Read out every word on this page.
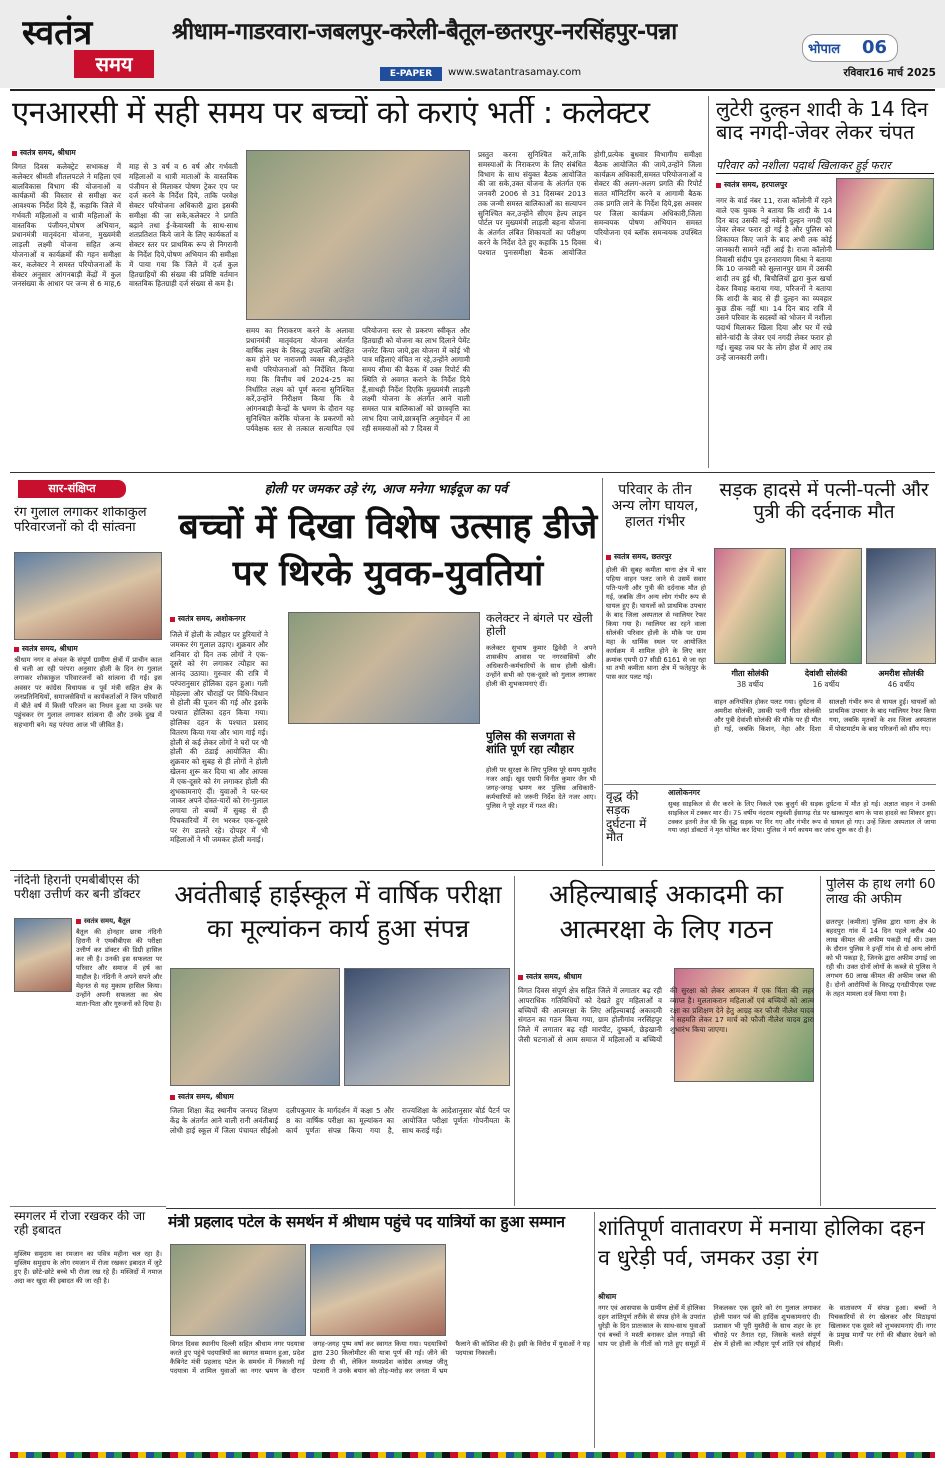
स्वतंत्र
समय
श्रीधाम-गाडरवारा-जबलपुर-करेली-बैतूल-छतरपुर-नरसिंहपुर-पन्ना
भोपाल	06
E-PAPER	www.swatantrasamay.com	रविवार16 मार्च 2025
एनआरसी में सही समय पर बच्चों को कराएं भर्ती : कलेक्टर
स्वतंत्र समय, श्रीधाम
विगत दिवस कलेक्ट्रेट सभाकक्ष में कलेक्टर श्रीमती शीतलपटले ने महिला एवं बालविकास विभाग की योजनाओं व कार्यक्रमों की विस्तार से समीक्षा कर आवश्यक निर्देश दिये हैं, कहाकि जिले में गर्भवती महिलाओं व धात्री महिलाओं के वास्तविक पंजीयन,पोषण अभियान, प्रधानमंत्री मातृवंदना योजना, मुख्यमंत्री लाड़ली लक्ष्मी योजना सहित अन्य योजनाओं व कार्यक्रमों की गहन समीक्षा कर, कलेक्टर ने समस्त परियोजनाओं के सेक्टर अनुसार आंगनबाड़ी केंद्रों में कुल जनसंख्या के आधार पर जन्म से 6 माह,6 माह से 3 वर्ष व 6 वर्ष और गर्भवती महिलाओं व धात्री माताओं के वास्तविक पंजीयन से मिलाकर पोषण ट्रेकर एप पर दर्ज करने के निर्देश दिये, ताकि परवेक्ष सेक्टर परियोजना अधिकारी द्वारा इसकी समीक्षा की जा सके,कलेक्टर ने प्रगति बढ़ाने तथा ई-केवायसी के साथ-साथ शतप्रतिशत किये जाने के लिए कार्यकर्ता व सेक्टर स्तर पर प्राथमिक रूप से निगरानी के निर्देश दिये,पोषण अभियान की समीक्षा में पाया गया कि जिले में दर्ज कुल हितग्राहियों की संख्या की प्रविष्टि वर्तमान वास्तविक हितग्राही दर्ज संख्या से कम है।
समय का निराकरण करने के अलावा प्रधानमंत्री मातृवंदना योजना अंतर्गत वार्षिक लक्ष्य के विरुद्ध उपलब्धि अपेक्षित कम होने पर नाराजगी व्यक्त की,उन्होंने सभी परियोजनाओं को निर्देशित किया गया कि वित्तीय वर्ष 2024-25 का निर्धारित लक्ष्य को पूर्ण करना सुनिश्चित करें,उन्होंने निरीक्षण किया कि वे आंगनबाड़ी केन्द्रों के भ्रमण के दौरान यह सुनिश्चित करेंकि योजना के प्रकरणों को पर्यवेक्षक स्तर से तत्काल सत्यापित एवं परियोजना स्तर से प्रकरण स्वीकृत और हितग्राही को योजना का लाभ दिलाने पेमेंट जनरेट किया जाये,इस योजना में कोई भी पात्र महिलाएं वंचित ना रहे,उन्होंने आगामी समय सीमा की बैठक में उक्त रिपोर्ट की स्थिति से अवगत कराने के निर्देश दिये हैं,साथही निर्देश दिएकि मुख्यमंत्री लाड़ली लक्ष्मी योजना के अंतर्गत आने वाली समस्त पात्र बालिकाओं को छात्रवृत्ति का लाभ दिया जाये,छात्रवृत्ति अनुमोदन में आ रही समस्याओं को 7 दिवस में
प्रस्तुत करना सुनिश्चित करें,ताकि समस्याओं के निराकरण के लिए संबंधित विभाग के साथ संयुक्त बैठक आयोजित की जा सके,उक्त योजना के अंतर्गत एक जनवरी 2006 से 31 दिसम्बर 2013 तक जन्मी समस्त बालिकाओं का सत्यापन सुनिश्चित कर,उन्होंने सीएम हेल्प लाइन पोर्टल पर मुख्यमंत्री लाड़ली बहना योजना के अंतर्गत लंबित शिकायतों का परीक्षण करने के निर्देश देते हुए कहाकि 15 दिवस पश्चात पुनःसमीक्षा बैठक आयोजित होगी,प्रत्येक बुधवार विभागीय समीक्षा बैठक आयोजित की जाये,उन्होंने जिला कार्यक्रम अधिकारी,समस्त परियोजनाओं व सेक्टर की अलग-अलग प्रगति की रिपोर्ट सतत मॉनिटरिंग करने व आगामी बैठक तक प्रगति लाने के निर्देश दिये,इस अवसर पर जिला कार्यक्रम अधिकारी,जिला समन्वयक पोषण अभियान समस्त परियोजना एवं ब्लॉक समन्वयक उपस्थित थे।
लुटेरी दुल्हन शादी के 14 दिन बाद नगदी-जेवर लेकर चंपत
परिवार को नशीला पदार्थ खिलाकर हुई फरार
स्वतंत्र समय, हरपालपुर
नगर के वार्ड नंबर 11, राजा कॉलोनी में रहने वाले एक युवक ने बताया कि शादी के 14 दिन बाद उसकी नई नवेली दुल्हन नगदी एवं जेवर लेकर फरार हो गई है और पुलिस को शिकायत किए जाने के बाद अभी तक कोई जानकारी सामने नहीं आई है। राजा कॉलोनी निवासी संदीप पुत्र हरनारायण मिश्रा ने बताया कि 10 जनवरी को सुल्तानपुर ग्राम में उसकी शादी तय हुई थी, बिचौलियों द्वारा कुल खर्चा देकर विवाह कराया गया, परिजनों ने बताया कि शादी के बाद से ही दुल्हन का व्यवहार कुछ ठीक नहीं था। 14 दिन बाद रात्रि में उसने परिवार के सदस्यों को भोजन में नशीला पदार्थ मिलाकर खिला दिया और घर में रखे सोने-चांदी के जेवर एवं नगदी लेकर फरार हो गई। सुबह जब घर के लोग होश में आए तब उन्हें जानकारी लगी।
सार-संक्षिप्त
रंग गुलाल लगाकर शोकाकुल परिवारजनों को दी सांत्वना
स्वतंत्र समय, श्रीधाम
श्रीधाम नगर व अंचल के संपूर्ण ग्रामीण क्षेत्रों में प्राचीन काल से चली आ रही परंपरा अनुसार होली के दिन रंग गुलाल लगाकर शोकाकुल परिवारजनों को सांत्वना दी गई। इस अवसर पर कांग्रेस विधायक व पूर्व मंत्री सहित क्षेत्र के जनप्रतिनिधियों, समाजसेवियों व कार्यकर्ताओं ने जिन परिवारों में बीते वर्ष में किसी परिजन का निधन हुआ था उनके घर पहुंचकर रंग गुलाल लगाकर सांत्वना दी और उनके दुख में सहभागी बने। यह परंपरा आज भी जीवित है।
होली पर जमकर उड़े रंग, आज मनेगा भाईदूज का पर्व
बच्चों में दिखा विशेष उत्साह डीजे पर थिरके युवक-युवतियां
स्वतंत्र समय, अशोकनगर
जिले में होली के त्यौहार पर हुरियारों ने जमकर रंग गुलाल उड़ाए। शुक्रवार और शनिवार दो दिन तक लोगों ने एक-दूसरे को रंग लगाकर त्यौहार का आनंद उठाया। गुरुवार की रात्रि में परंपरानुसार होलिका दहन हुआ। गली मोहल्ला और चौराहों पर विधि-विधान से होली की पूजन की गई और इसके पश्चात होलिका दहन किया गया। होलिका दहन के पश्चात प्रसाद वितरण किया गया और भाग गाई गई। होली से कई लेकर लोगों ने घरों पर भी होली की ठंडाई आयोजित की। शुक्रवार को सुबह से ही लोगों ने होली खेलना शुरू कर दिया था और आपस में एक-दूसरे को रंग लगाकर होली की शुभकामनाएं दीं। युवाओं ने घर-घर जाकर अपने दोस्त-यारों को रंग-गुलाल लगाया तो बच्चों में सुबह से ही पिचकारियों में रंग भरकर एक-दूसरे पर रंग डालते रहे। दोपहर में भी महिलाओं ने भी जमकर होली मनाई।
कलेक्टर ने बंगले पर खेली होली
कलेक्टर सुभाष कुमार द्विवेदी ने अपने शासकीय आवास पर नगरवासियों और अधिकारी-कर्मचारियों के साथ होली खेली। उन्होंने सभी को एक-दूसरे को गुलाल लगाकर होली की शुभकामनाएं दीं।
पुलिस की सजगता से शांति पूर्ण रहा त्यौहार
होली पर सुरक्षा के लिए पुलिस पूरे समय मुस्तैद नजर आई। खुद एसपी विनीत कुमार जैन भी जगह-जगह भ्रमण कर पुलिस अधिकारी-कर्मचारियों को जरूरी निर्देश देते नजर आए। पुलिस ने पूरे शहर में गश्त की।
परिवार के तीन अन्य लोग घायल, हालत गंभीर
स्वतंत्र समय, छतरपुर
होली की सुबह कमीता थाना क्षेत्र में चार पहिया वाहन पलट जाने से उसमें सवार पति-पत्नी और पुत्री की दर्दनाक मौत हो गई, जबकि तीन अन्य लोग गंभीर रूप से घायल हुए हैं। घायलों को प्राथमिक उपचार के बाद जिला अस्पताल से ग्वालियर रेफर किया गया है। ग्वालियर का रहने वाला सोलंकी परिवार होली के मौके पर ग्राम महा के धार्मिक स्थल पर आयोजित कार्यक्रम में शामिल होने के लिए कार क्रमांक एमपी 07 सीडी 6161 से जा रहा था तभी कमीता थाना क्षेत्र में फतेहपुर के पास कार पलट गई।
सड़क हादसे में पत्नी-पत्नी और पुत्री की दर्दनाक मौत
गीता सोलंकी
38 वर्षीय
देवांशी सोलंकी
16 वर्षीय
अमरीश सोलंकी
46 वर्षीय
वाहन अनियंत्रित होकर पलट गया। दुर्घटना में अमरीश सोलंकी, उसकी पत्नी गीता सोलंकी और पुत्री देवांशी सोलंकी की मौके पर ही मौत हो गई, जबकि किशन, नेहा और दिशा सालक्षी गंभीर रूप से घायल हुईं। घायलों को प्राथमिक उपचार के बाद ग्वालियर रेफर किया गया, जबकि मृतकों के शव जिला अस्पताल में पोस्टमार्टम के बाद परिजनों को सौंप गए।
वृद्ध की सड़क दुर्घटना में मौत
आलोकनगर
सुबह साइकिल से सैर करने के लिए निकले एक बुजुर्ग की सड़क दुर्घटना में मौत हो गई। अज्ञात वाहन ने उनकी साइकिल में टक्कर मार दी। 75 वर्षीय नंदराम रघुवंशी ईसागढ़ रोड पर खाकापुरा बाग के पास हादसे का शिकार हुए। टक्कर इतनी तेज थी कि वृद्ध सड़क पर गिर गए और गंभीर रूप से घायल हो गए। उन्हें जिला अस्पताल ले जाया गया जहां डॉक्टरों ने मृत घोषित कर दिया। पुलिस ने मर्ग कायम कर जांच शुरू कर दी है।
नंदिनी हिरानी एमबीबीएस की परीक्षा उत्तीर्ण कर बनी डॉक्टर
स्वतंत्र समय, बैतूल
बैतूल की होनहार छात्रा नंदिनी हिरानी ने एमबीबीएस की परीक्षा उत्तीर्ण कर डॉक्टर की डिग्री हासिल कर ली है। उनकी इस सफलता पर परिवार और समाज में हर्ष का माहौल है। नंदिनी ने अपने सपने और मेहनत से यह मुकाम हासिल किया। उन्होंने अपनी सफलता का श्रेय माता-पिता और गुरुजनों को दिया है।
स्मगलर में रोजा रखकर की जा रही इबादत
मुस्लिम समुदाय का रमजान का पवित्र महीना चल रहा है। मुस्लिम समुदाय के लोग रमजान में रोजा रखकर इबादत में जुटे हुए हैं। छोटे-छोटे बच्चे भी रोजा रख रहे हैं। मस्जिदों में नमाज अदा कर खुदा की इबादत की जा रही है।
अवंतीबाई हाईस्कूल में वार्षिक परीक्षा का मूल्यांकन कार्य हुआ संपन्न
स्वतंत्र समय, श्रीधाम
जिला शिक्षा केंद्र स्थानीय जनपद शिक्षण केंद्र के अंतर्गत आने वाली रानी अवंतीबाई लोधी हाई स्कूल में जिला पंचायत सीईओ दलीपकुमार के मार्गदर्शन में कक्षा 5 और 8 का वार्षिक परीक्षा का मूल्यांकन का कार्य पूर्णतः संपन्न किया गया है, राज्यशिक्षा के आदेशानुसार बोर्ड पैटर्न पर आयोजित परीक्षा पूर्णतः गोपनीयता के साथ कराई गई।
अहिल्याबाई अकादमी का आत्मरक्षा के लिए गठन
स्वतंत्र समय, श्रीधाम
विगत दिवस संपूर्ण क्षेत्र सहित जिले में लगातार बढ़ रही आपराधिक गतिविधियों को देखते हुए महिलाओं व बच्चियों की आत्मरक्षा के लिए अहिल्याबाई अकादमी संगठन का गठन किया गया, ग्राम होलीगांव नरसिंहपुर जिले में लगातार बढ़ रही मारपीट, दुष्कर्म, छेड़खानी जैसी घटनाओं से आम समाज में महिलाओं व बच्चियों की सुरक्षा को लेकर आमजन में एक चिंता की लहर व्याप्त है। मुलताकरान महिलाओं एवं बच्चियों को आत्म रक्षा का प्रशिक्षण देने हेतु आग्रह कर फौजी नीलेश यादव ने सहमति लेकर 17 मार्च को फौजी नीलेश यादव द्वारा शुभारंभ किया जाएगा।
पुलिस के हाथ लगी 60 लाख की अफीम
छतरपुर (कमीता) पुलिस द्वारा थाना क्षेत्र के बहदपुरा गांव में 14 दिन पहले करीब 40 लाख कीमत की अफीम पकड़ी गई थी। उक्त के दौरान पुलिस ने इन्हीं गांव से दो अन्य लोगों को भी पकड़ा है, जिनके द्वारा अफीम उगाई जा रही थी। उक्त दोनों लोगों के कब्जे से पुलिस ने लगभग 60 लाख कीमत की अफीम जब्त की है। दोनों आरोपियों के विरुद्ध एनडीपीएस एक्ट के तहत मामला दर्ज किया गया है।
मंत्री प्रहलाद पटेल के समर्थन में श्रीधाम पहुंचे पद यात्रियों का हुआ सम्मान
विगत दिवस स्थानीय दिल्ली सहित श्रीधाम नगर पदयात्रा करते हुए पहुंचे पदयात्रियों का स्वागत सम्मान हुआ, प्रदेश कैबिनेट मंत्री प्रहलाद पटेल के समर्थन में निकाली गई पदयात्रा में शामिल युवाओं का नगर भ्रमण के दौरान जगह-जगह पुष्प वर्षा कर स्वागत किया गया। पदयात्रियों द्वारा 230 किलोमीटर की यात्रा पूर्ण की गई। जीने की प्रेरणा दी थी, लेकिन मध्यप्रदेश कांग्रेस अध्यक्ष जीतू पटवारी ने उनके बयान को तोड़-मरोड़ कर जनता में भ्रम फैलाने की कोशिश की है। इसी के विरोध में युवाओं ने यह पदयात्रा निकाली।
शांतिपूर्ण वातावरण में मनाया होलिका दहन व धुरेड़ी पर्व, जमकर उड़ा रंग
श्रीधाम
नगर एवं आसपास के ग्रामीण क्षेत्रों में होलिका दहन शांतिपूर्ण तरीके से संपन्न होने के उपरांत धुरेड़ी के दिन प्रातःकाल के साथ-साथ युवाओं एवं बच्चों ने मस्ती बनाकर ढोल नगाड़ों की थाप पर होली के गीतों को गाते हुए समूहों में निकलकर एक दूसरे को रंग गुलाल लगाकर होली पावन पर्व की हार्दिक शुभकामनाएं दी। प्रशासन भी पूरी मुस्तैदी के साथ शहर के हर चौराहे पर तैनात रहा, जिसके चलते संपूर्ण क्षेत्र में होली का त्यौहार पूर्ण शांति एवं सौहार्द के वातावरण में संपन्न हुआ। बच्चों ने पिचकारियों से रंग खेलकर और मिठाइयां खिलाकर एक दूसरे को शुभकामनाएं दीं। नगर के प्रमुख मार्गों पर रंगों की बौछार देखने को मिली।
